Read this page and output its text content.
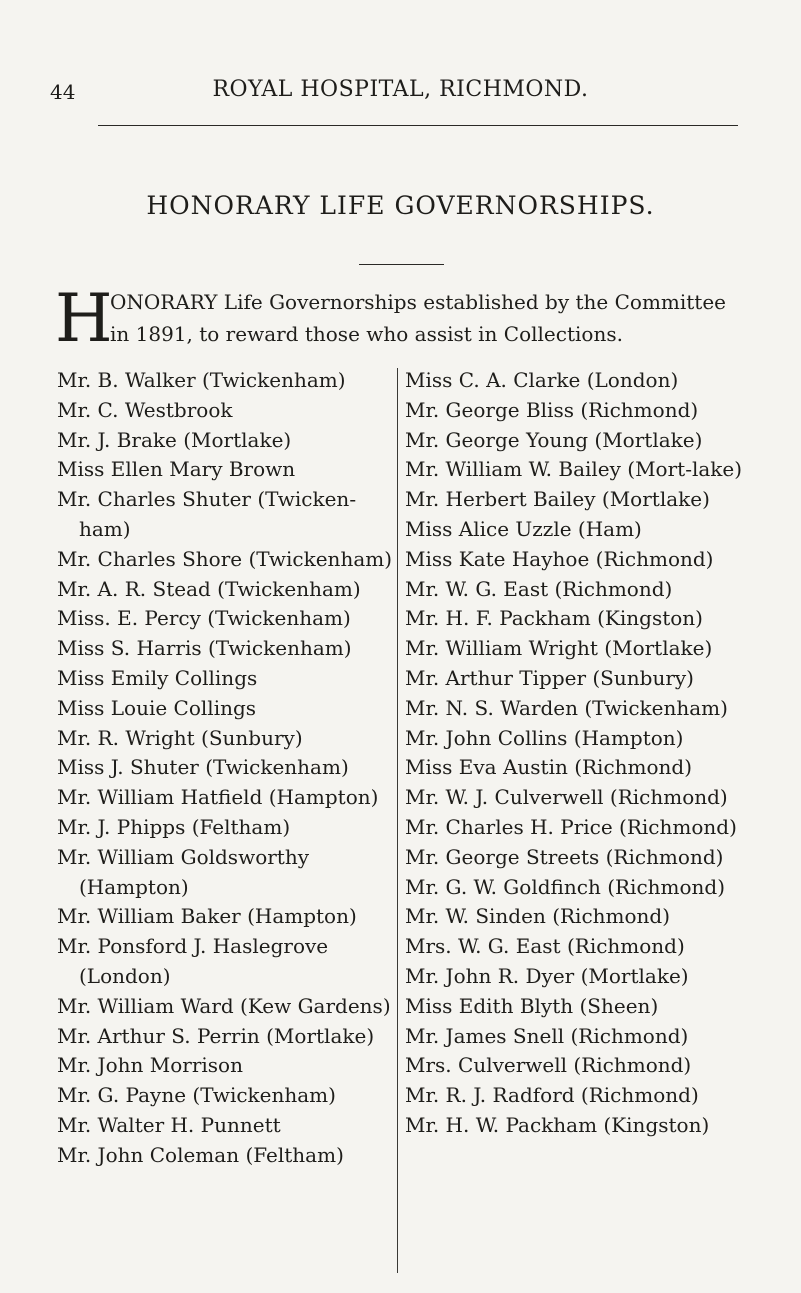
44	ROYAL HOSPITAL, RICHMOND.
HONORARY LIFE GOVERNORSHIPS.
H
ONORARY Life Governorships established by the Committee
in 1891, to reward those who assist in Collections.

Mr. B. Walker (Twickenham)

Mr. C. Westbrook

Mr. J. Brake (Mortlake)

Miss Ellen Mary Brown

Mr. Charles Shuter (Twicken-ham)

Mr. Charles Shore (Twickenham)

Mr. A. R. Stead (Twickenham)

Miss. E. Percy (Twickenham)

Miss S. Harris (Twickenham)

Miss Emily Collings

Miss Louie Collings

Mr. R. Wright (Sunbury)

Miss J. Shuter (Twickenham)

Mr. William Hatfield (Hampton)

Mr. J. Phipps (Feltham)

Mr. William Goldsworthy (Hampton)

Mr. William Baker (Hampton)

Mr. Ponsford J. Haslegrove (London)

Mr. William Ward (Kew Gardens)

Mr. Arthur S. Perrin (Mortlake)

Mr. John Morrison

Mr. G. Payne (Twickenham)

Mr. Walter H. Punnett

Mr. John Coleman (Feltham)

Miss C. A. Clarke (London)

Mr. George Bliss (Richmond)

Mr. George Young (Mortlake)

Mr. William W. Bailey (Mort-lake)

Mr. Herbert Bailey (Mortlake)

Miss Alice Uzzle (Ham)

Miss Kate Hayhoe (Richmond)

Mr. W. G. East (Richmond)

Mr. H. F. Packham (Kingston)

Mr. William Wright (Mortlake)

Mr. Arthur Tipper (Sunbury)

Mr. N. S. Warden (Twickenham)

Mr. John Collins (Hampton)

Miss Eva Austin (Richmond)

Mr. W. J. Culverwell (Richmond)

Mr. Charles H. Price (Richmond)

Mr. George Streets (Richmond)

Mr. G. W. Goldfinch (Richmond)

Mr. W. Sinden (Richmond)

Mrs. W. G. East (Richmond)

Mr. John R. Dyer (Mortlake)

Miss Edith Blyth (Sheen)

Mr. James Snell (Richmond)

Mrs. Culverwell (Richmond)

Mr. R. J. Radford (Richmond)

Mr. H. W. Packham (Kingston)
